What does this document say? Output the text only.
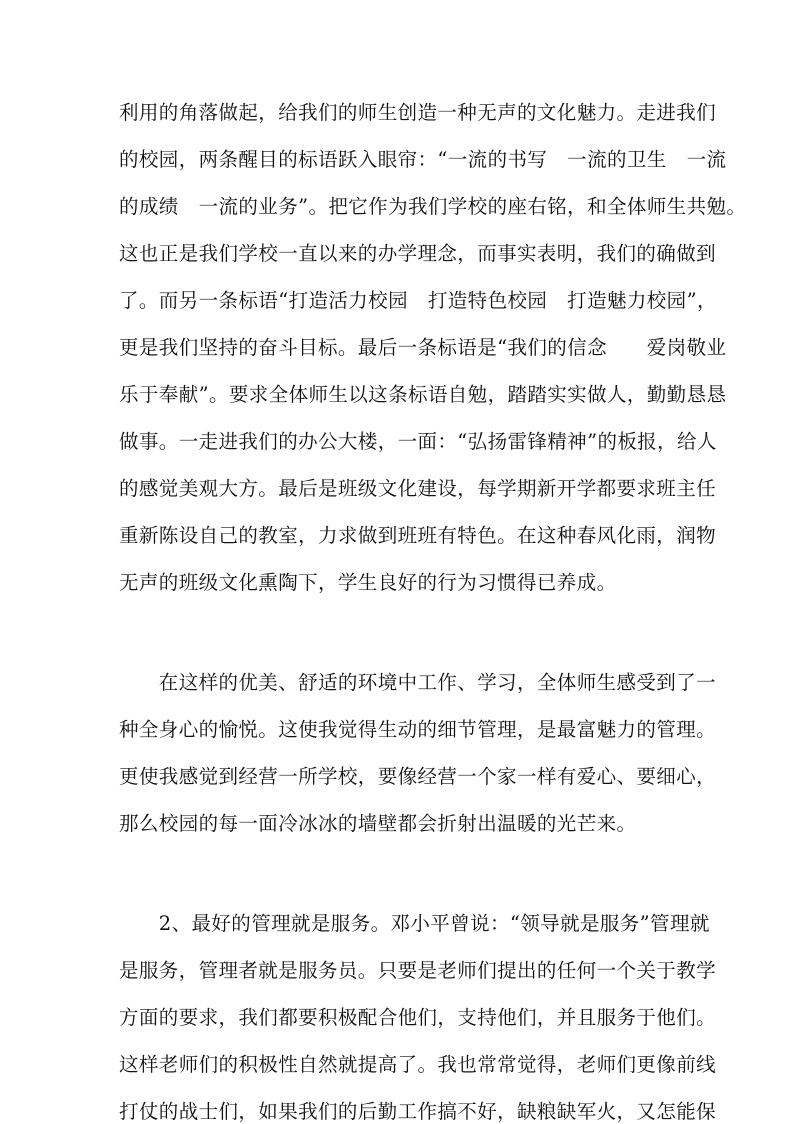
利用的角落做起，给我们的师生创造一种无声的文化魅力。走进我们
的校园，两条醒目的标语跃入眼帘：“一流的书写　一流的卫生　一流
的成绩　一流的业务”。把它作为我们学校的座右铭，和全体师生共勉。
这也正是我们学校一直以来的办学理念，而事实表明，我们的确做到
了。而另一条标语“打造活力校园　打造特色校园　打造魅力校园”，
更是我们坚持的奋斗目标。最后一条标语是“我们的信念　　爱岗敬业
乐于奉献”。要求全体师生以这条标语自勉，踏踏实实做人，勤勤恳恳
做事。一走进我们的办公大楼，一面：“弘扬雷锋精神”的板报，给人
的感觉美观大方。最后是班级文化建设，每学期新开学都要求班主任
重新陈设自己的教室，力求做到班班有特色。在这种春风化雨，润物
无声的班级文化熏陶下，学生良好的行为习惯得已养成。
　　在这样的优美、舒适的环境中工作、学习，全体师生感受到了一
种全身心的愉悦。这使我觉得生动的细节管理，是最富魅力的管理。
更使我感觉到经营一所学校，要像经营一个家一样有爱心、要细心，
那么校园的每一面冷冰冰的墙壁都会折射出温暖的光芒来。
　　2、最好的管理就是服务。邓小平曾说：“领导就是服务”管理就
是服务，管理者就是服务员。只要是老师们提出的任何一个关于教学
方面的要求，我们都要积极配合他们，支持他们，并且服务于他们。
这样老师们的积极性自然就提高了。我也常常觉得，老师们更像前线
打仗的战士们，如果我们的后勤工作搞不好，缺粮缺军火，又怎能保
